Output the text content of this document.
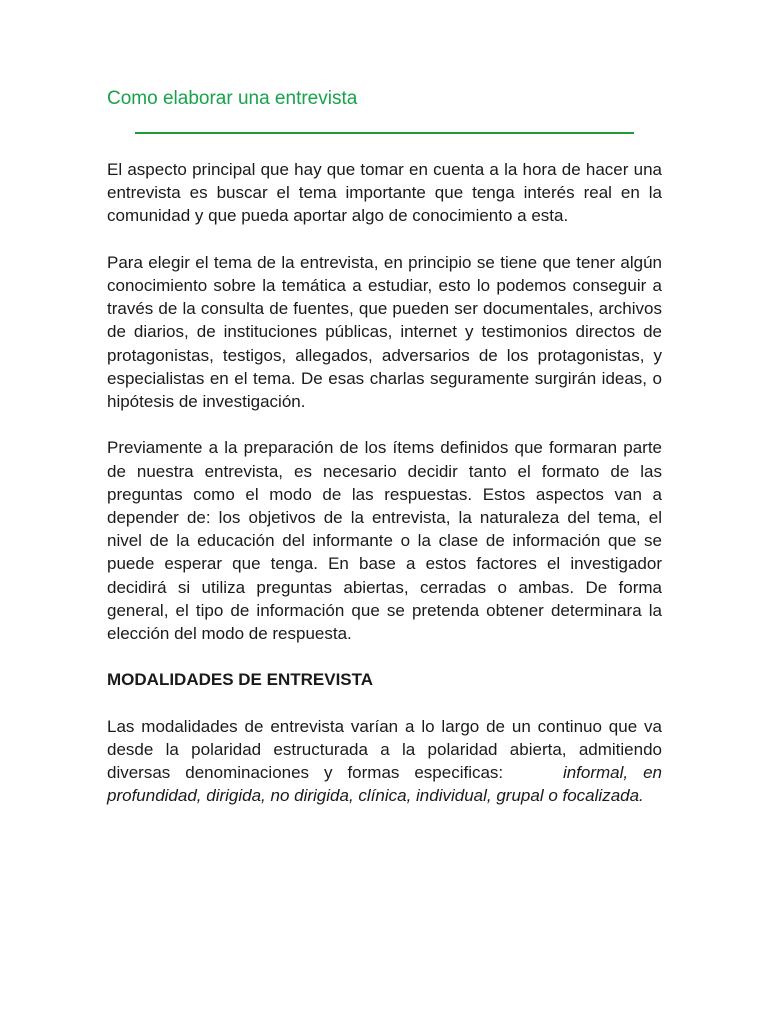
Como elaborar una entrevista

El aspecto principal que hay que tomar en cuenta a la hora de hacer una entrevista es buscar el tema importante que tenga interés real en la comunidad y que pueda aportar algo de conocimiento a esta.

Para elegir el tema de la entrevista, en principio se tiene que tener algún conocimiento sobre la temática a estudiar, esto lo podemos conseguir a través de la consulta de fuentes, que pueden ser documentales, archivos de diarios, de instituciones públicas, internet y testimonios directos de protagonistas, testigos, allegados, adversarios de los protagonistas, y especialistas en el tema. De esas charlas seguramente surgirán ideas, o hipótesis de investigación.

Previamente a la preparación de los ítems definidos que formaran parte de nuestra entrevista, es necesario decidir tanto el formato de las preguntas como el modo de las respuestas. Estos aspectos van a depender de: los objetivos de la entrevista, la naturaleza del tema, el nivel de la educación del informante o la clase de información que se puede esperar que tenga. En base a estos factores el investigador decidirá si utiliza preguntas abiertas, cerradas o ambas. De forma general, el tipo de información que se pretenda obtener determinara la elección del modo de respuesta.

MODALIDADES DE ENTREVISTA

Las modalidades de entrevista varían a lo largo de un continuo que va desde la polaridad estructurada a la polaridad abierta, admitiendo diversas denominaciones y formas especificas:	informal, en profundidad, dirigida, no dirigida, clínica, individual, grupal o focalizada.
